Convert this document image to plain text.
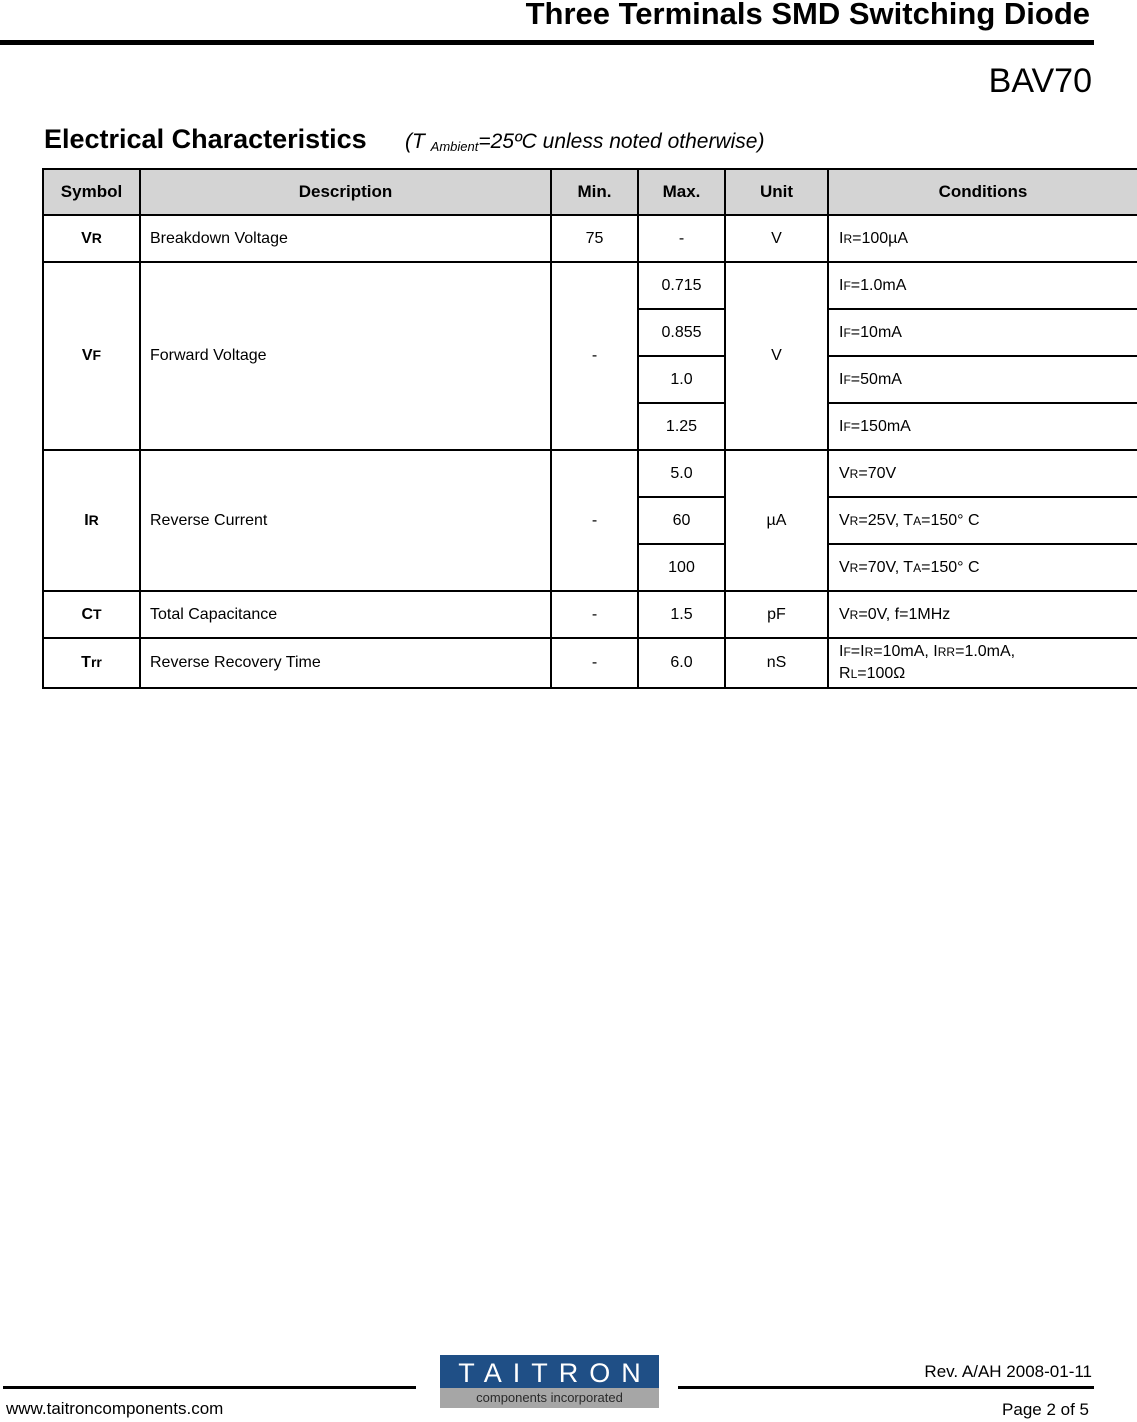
Three Terminals SMD Switching Diode
BAV70
Electrical Characteristics (T $_{Ambient}$=25ºC unless noted otherwise)
Symbol	Description	Min.	Max.	Unit	Conditions
VR	Breakdown Voltage	75	-	V	IR=100µA
VF	Forward Voltage	-	0.715	V	IF=1.0mA
			0.855		IF=10mA
			1.0		IF=50mA
			1.25		IF=150mA
IR	Reverse Current	-	5.0	µA	VR=70V
			60		VR=25V, TA=150° C
			100		VR=70V, TA=150° C
CT	Total Capacitance	-	1.5	pF	VR=0V, f=1MHz
Trr	Reverse Recovery Time	-	6.0	nS	IF=IR=10mA, IRR=1.0mA,
RL=100Ω
Rev. A/AH 2008-01-11
TAITRON
components incorporated
www.taitroncomponents.com	Page 2 of 5
